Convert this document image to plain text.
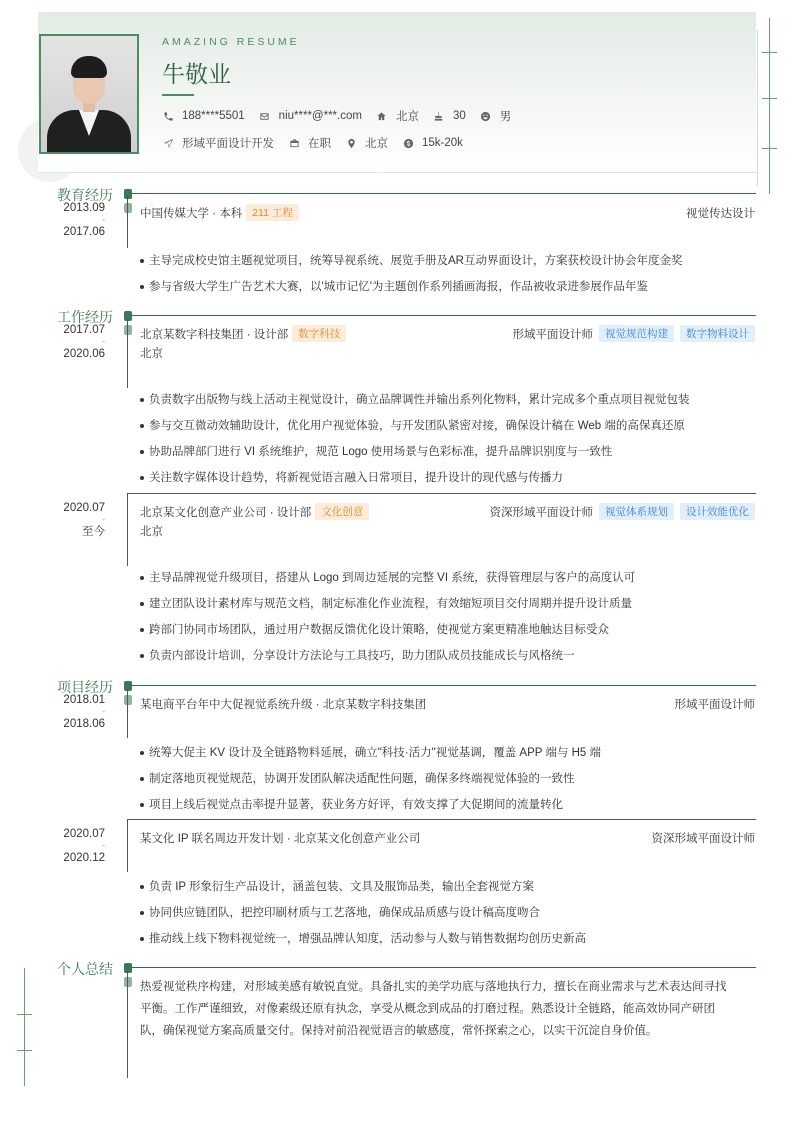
AMAZING RESUME
牛敬业
188****5501	niu****@***.com	北京	30	男
形域平面设计开发	在职	北京	15k-20k
教育经历
2013.09
-
2017.06
中国传媒大学 · 本科 211 工程	视觉传达设计
主导完成校史馆主题视觉项目，统筹导视系统、展览手册及AR互动界面设计，方案获校设计协会年度金奖
参与省级大学生广告艺术大赛，以'城市记忆'为主题创作系列插画海报，作品被收录进参展作品年鉴
工作经历
2017.07
-
2020.06
北京某数字科技集团 · 设计部 数字科技	形域平面设计师	视觉规范构建	数字物料设计
北京
负责数字出版物与线上活动主视觉设计，确立品牌调性并输出系列化物料，累计完成多个重点项目视觉包装
参与交互微动效辅助设计，优化用户视觉体验，与开发团队紧密对接，确保设计稿在 Web 端的高保真还原
协助品牌部门进行 VI 系统维护，规范 Logo 使用场景与色彩标准，提升品牌识别度与一致性
关注数字媒体设计趋势，将新视觉语言融入日常项目，提升设计的现代感与传播力
2020.07
-
至今
北京某文化创意产业公司 · 设计部 文化创意	资深形域平面设计师	视觉体系规划	设计效能优化
北京
主导品牌视觉升级项目，搭建从 Logo 到周边延展的完整 VI 系统，获得管理层与客户的高度认可
建立团队设计素材库与规范文档，制定标准化作业流程，有效缩短项目交付周期并提升设计质量
跨部门协同市场团队，通过用户数据反馈优化设计策略，使视觉方案更精准地触达目标受众
负责内部设计培训，分享设计方法论与工具技巧，助力团队成员技能成长与风格统一
项目经历
2018.01
-
2018.06
某电商平台年中大促视觉系统升级 · 北京某数字科技集团	形域平面设计师
统筹大促主 KV 设计及全链路物料延展，确立"科技·活力"视觉基调，覆盖 APP 端与 H5 端
制定落地页视觉规范，协调开发团队解决适配性问题，确保多终端视觉体验的一致性
项目上线后视觉点击率提升显著，获业务方好评，有效支撑了大促期间的流量转化
2020.07
-
2020.12
某文化 IP 联名周边开发计划 · 北京某文化创意产业公司	资深形域平面设计师
负责 IP 形象衍生产品设计，涵盖包装、文具及服饰品类，输出全套视觉方案
协同供应链团队，把控印刷材质与工艺落地，确保成品质感与设计稿高度吻合
推动线上线下物料视觉统一，增强品牌认知度，活动参与人数与销售数据均创历史新高
个人总结
热爱视觉秩序构建，对形域美感有敏锐直觉。具备扎实的美学功底与落地执行力，擅长在商业需求与艺术表达间寻找
平衡。工作严谨细致，对像素级还原有执念，享受从概念到成品的打磨过程。熟悉设计全链路，能高效协同产研团
队，确保视觉方案高质量交付。保持对前沿视觉语言的敏感度，常怀探索之心，以实干沉淀自身价值。
